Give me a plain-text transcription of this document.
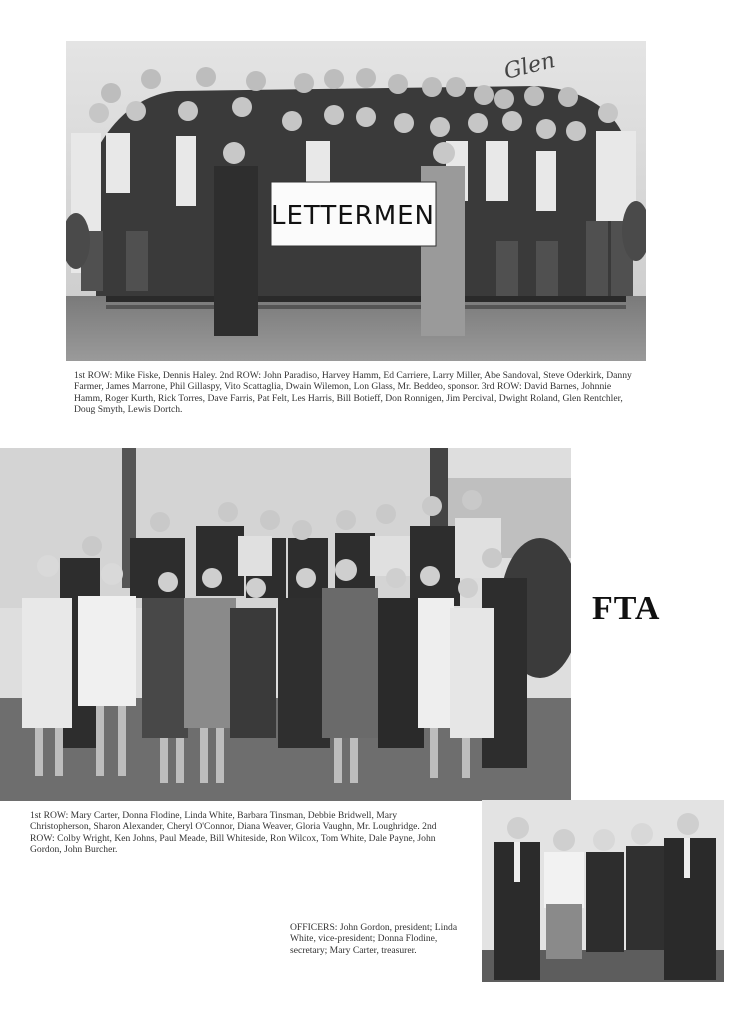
LETTERMEN
Glen

1st ROW: Mike Fiske, Dennis Haley. 2nd ROW: John Paradiso, Harvey Hamm, Ed Carriere, Larry Miller, Abe Sandoval, Steve Oderkirk, Danny Farmer, James Marrone, Phil Gillaspy, Vito Scattaglia, Dwain Wilemon, Lon Glass, Mr. Beddeo, sponsor. 3rd ROW: David Barnes, Johnnie Hamm, Roger Kurth, Rick Torres, Dave Farris, Pat Felt, Les Harris, Bill Botieff, Don Ronnigen, Jim Percival, Dwight Roland, Glen Rentchler, Doug Smyth, Lewis Dortch.

FTA

1st ROW: Mary Carter, Donna Flodine, Linda White, Barbara Tinsman, Debbie Bridwell, Mary Christopherson, Sharon Alexander, Cheryl O'Connor, Diana Weaver, Gloria Vaughn, Mr. Loughridge. 2nd ROW: Colby Wright, Ken Johns, Paul Meade, Bill Whiteside, Ron Wilcox, Tom White, Dale Payne, John Gordon, John Burcher.

OFFICERS: John Gordon, president; Linda White, vice-president; Donna Flodine, secretary; Mary Carter, treasurer.
